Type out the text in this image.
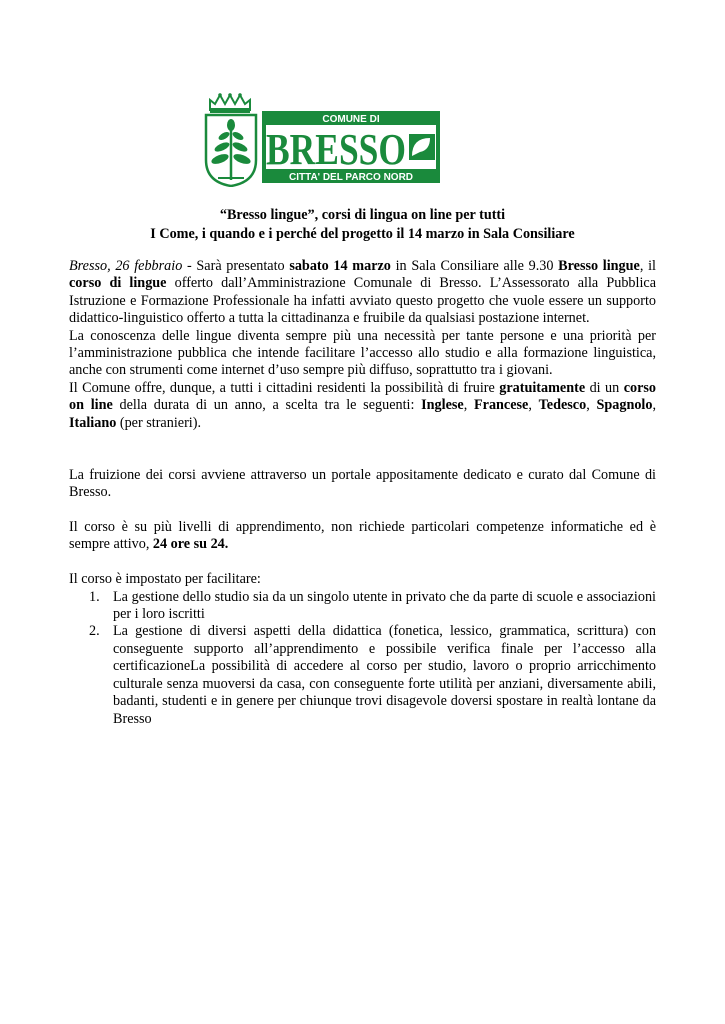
COMUNE DI
BRESSO
CITTA' DEL PARCO NORD
“Bresso lingue”, corsi di lingua on line per tutti
I Come, i quando e i perché del progetto il 14 marzo in Sala Consiliare

Bresso, 26 febbraio - Sarà presentato sabato 14 marzo in Sala Consiliare alle 9.30 Bresso lingue, il corso di lingue offerto dall’Amministrazione Comunale di Bresso. L’Assessorato alla Pubblica Istruzione e Formazione Professionale ha infatti avviato questo progetto che vuole essere un supporto didattico-linguistico offerto a tutta la cittadinanza e fruibile da qualsiasi postazione internet.

La conoscenza delle lingue diventa sempre più una necessità per tante persone e una priorità per l’amministrazione pubblica che intende facilitare l’accesso allo studio e alla formazione linguistica, anche con strumenti come internet d’uso sempre più diffuso, soprattutto tra i giovani.

Il Comune offre, dunque, a tutti i cittadini residenti la possibilità di fruire gratuitamente di un corso on line della durata di un anno, a scelta tra le seguenti: Inglese, Francese, Tedesco, Spagnolo, Italiano (per stranieri).

La fruizione dei corsi avviene attraverso un portale appositamente dedicato e curato dal Comune di Bresso.

Il corso è su più livelli di apprendimento, non richiede particolari competenze informatiche ed è sempre attivo, 24 ore su 24.

Il corso è impostato per facilitare:

1. La gestione dello studio sia da un singolo utente in privato che da parte di scuole e associazioni per i loro iscritti
2. La gestione di diversi aspetti della didattica (fonetica, lessico, grammatica, scrittura) con conseguente supporto all’apprendimento e possibile verifica finale per l’accesso alla certificazioneLa possibilità di accedere al corso per studio, lavoro o proprio arricchimento culturale senza muoversi da casa, con conseguente forte utilità per anziani, diversamente abili, badanti, studenti e in genere per chiunque trovi disagevole doversi spostare in realtà lontane da Bresso
